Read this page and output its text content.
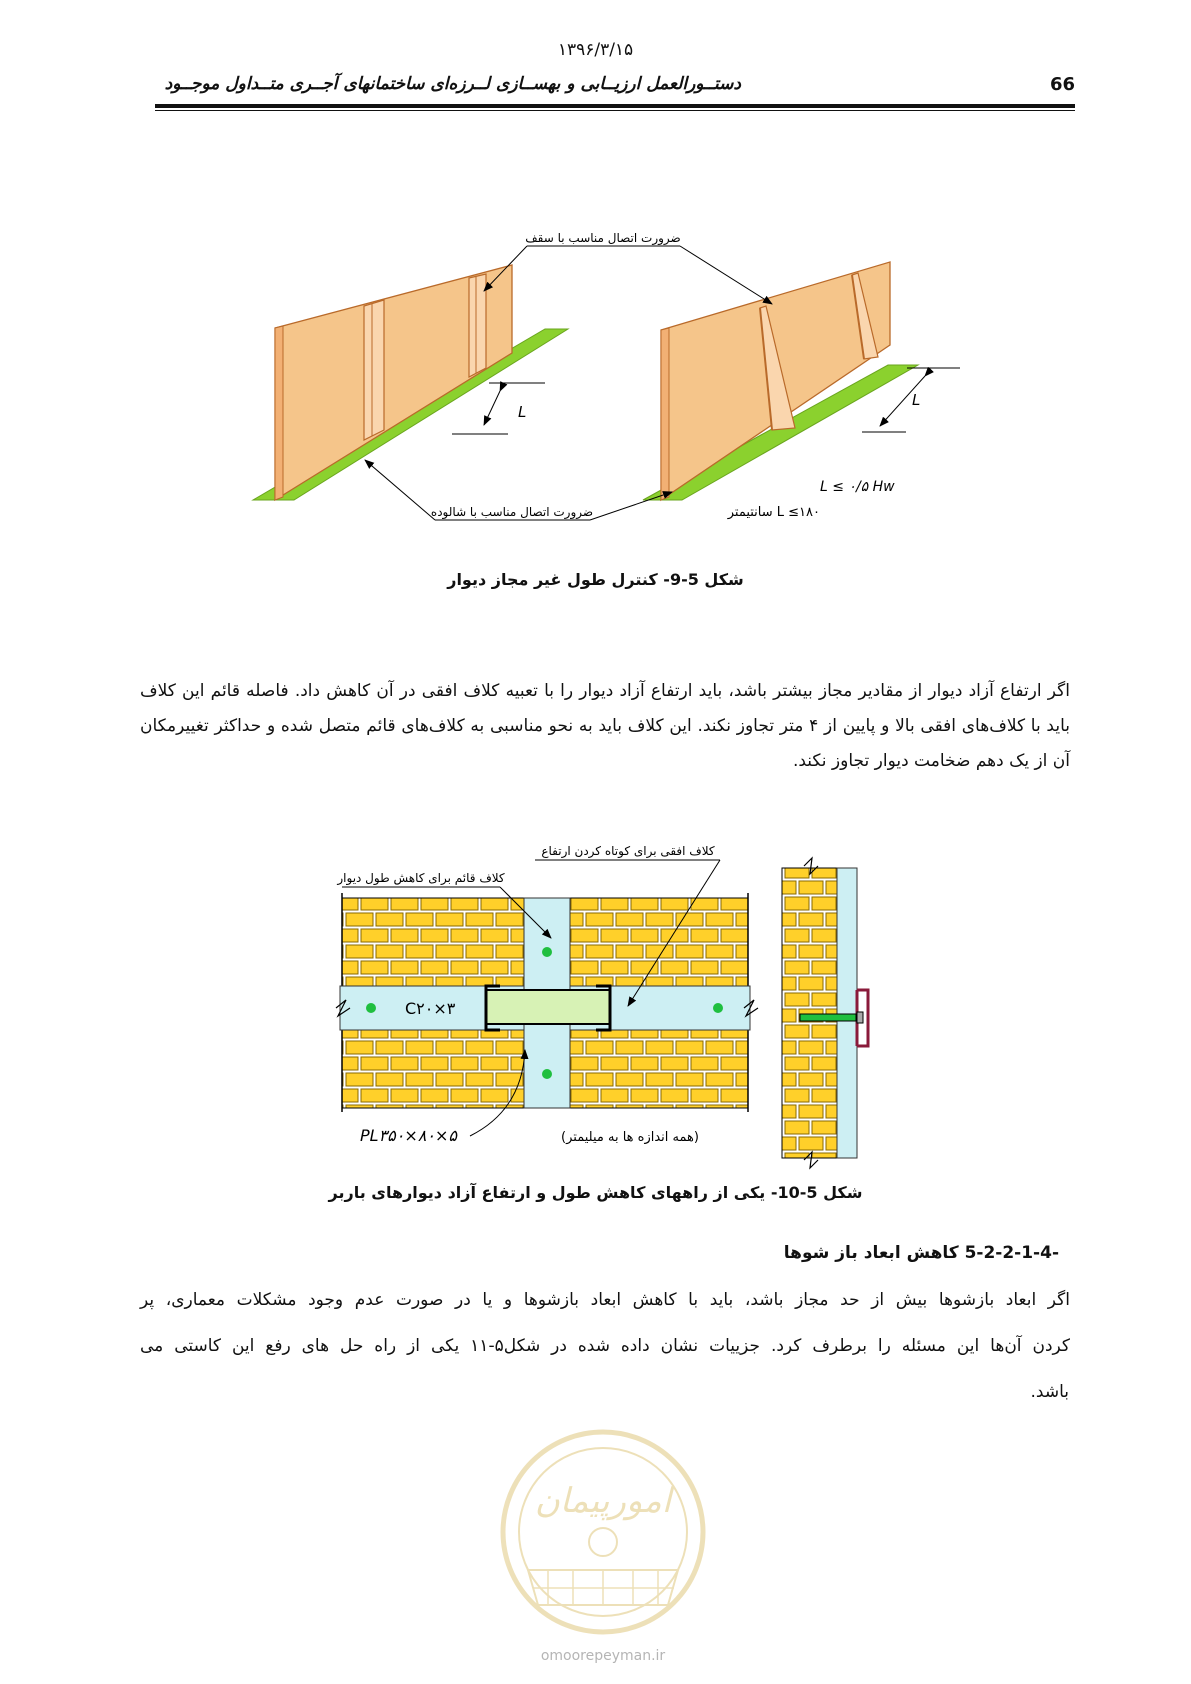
۱۳۹۶/۳/۱۵
دستــورالعمل ارزیــابی و بهســازی لــرزه‌ای ساختمانهای آجــری متــداول موجــود	66
L
L
ضرورت اتصال مناسب با سقف
ضرورت اتصال مناسب با شالوده
L ≤ ۰/۵ Hw
L ≤۱۸۰ سانتیمتر
شکل 5-9- کنترل طول غیر مجاز دیوار
اگر ارتفاع آزاد دیوار از مقادیر مجاز بیشتر باشد، باید ارتفاع آزاد دیوار را با تعبیه کلاف افقی در آن کاهش داد. فاصله قائم این کلاف باید با کلاف‌های افقی بالا و پایین از ۴ متر تجاوز نکند. این کلاف باید به نحو مناسبی به کلاف‌های قائم متصل شده و حداکثر تغییرمکان آن از یک دهم ضخامت دیوار تجاوز نکند.
C۲۰×۳
کلاف افقی برای کوتاه کردن ارتفاع
کلاف قائم برای کاهش طول دیوار
PL۳۵۰×۸۰×۵	(همه اندازه ها به میلیمتر)
شکل 5-10- یکی از راههای کاهش طول و ارتفاع آزاد دیوارهای باربر
5-2-2-1-4- کاهش ابعاد باز شوها
اگر ابعاد بازشوها بیش از حد مجاز باشد، باید با کاهش ابعاد بازشوها و یا در صورت عدم وجود مشکلات معماری، پر
کردن آن‌ها این مسئله را برطرف کرد. جزییات نشان داده شده در شکل۵-۱۱ یکی از راه حل های رفع این کاستی می
باشد.
امورپیمان
omoorepeyman.ir
